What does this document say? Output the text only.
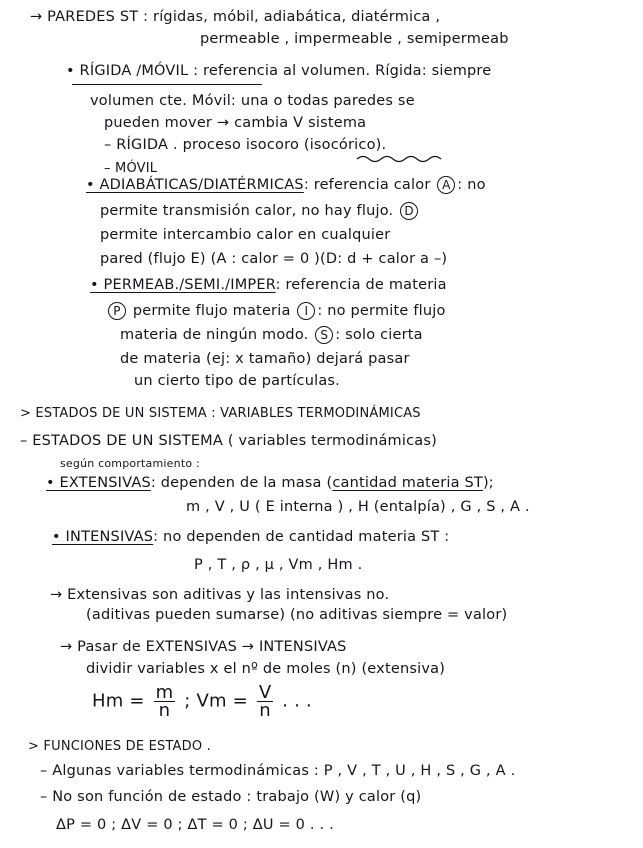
→ PAREDES ST : rígidas, móbil, adiabática, diatérmica ,
permeable , impermeable , semipermeab
• RÍGIDA /MÓVIL : referencia al volumen. Rígida: siempre
volumen cte. Móvil: una o todas paredes se
pueden mover → cambia V sistema
– RÍGIDA . proceso isocoro (isocórico).
– MÓVIL
• ADIABÁTICAS/DIATÉRMICAS: referencia calor A : no
permite transmisión calor, no hay flujo. D
permite intercambio calor en cualquier
pared (flujo E) (A : calor = 0 )(D: d + calor a –)
• PERMEAB./SEMI./IMPER: referencia de materia
P permite flujo materia I : no permite flujo
materia de ningún modo. S : solo cierta
de materia (ej: x tamaño) dejará pasar
un cierto tipo de partículas.
> ESTADOS DE UN SISTEMA : VARIABLES TERMODINÁMICAS
– ESTADOS DE UN SISTEMA ( variables termodinámicas)
según comportamiento :
• EXTENSIVAS: dependen de la masa (cantidad materia ST);
m , V , U ( E interna ) , H (entalpía) , G , S , A .
• INTENSIVAS: no dependen de cantidad materia ST :
P , T , ρ , μ , Vm , Hm .
→ Extensivas son aditivas y las intensivas no.
(aditivas pueden sumarse) (no aditivas siempre = valor)
→ Pasar de EXTENSIVAS → INTENSIVAS
dividir variables x el nº de moles (n) (extensiva)
$Hm = \frac{m}{n}$ ; $Vm = \frac{V}{n}$ . . .
> FUNCIONES DE ESTADO .
– Algunas variables termodinámicas : P , V , T , U , H , S , G , A .
– No son función de estado : trabajo (W) y calor (q)
ΔP = 0 ; ΔV = 0 ; ΔT = 0 ; ΔU = 0 . . .
